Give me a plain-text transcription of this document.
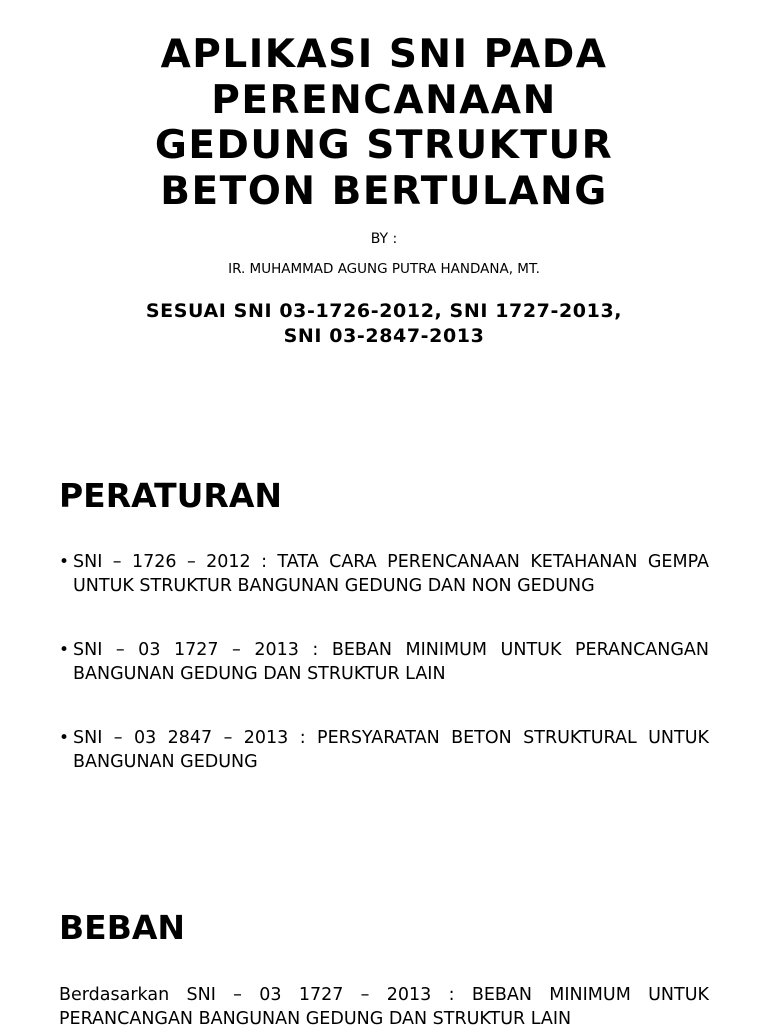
APLIKASI SNI PADA
PERENCANAAN
GEDUNG STRUKTUR
BETON BERTULANG
BY :
IR. MUHAMMAD AGUNG PUTRA HANDANA, MT.
SESUAI SNI 03-1726-2012, SNI 1727-2013,
SNI 03-2847-2013
PERATURAN
• SNI – 1726 – 2012 : TATA CARA PERENCANAAN KETAHANAN GEMPA UNTUK STRUKTUR BANGUNAN GEDUNG DAN NON GEDUNG
• SNI – 03 1727 – 2013 : BEBAN MINIMUM UNTUK PERANCANGAN BANGUNAN GEDUNG DAN STRUKTUR LAIN
• SNI – 03 2847 – 2013 : PERSYARATAN BETON STRUKTURAL UNTUK BANGUNAN GEDUNG
BEBAN

Berdasarkan SNI – 03 1727 – 2013 : BEBAN MINIMUM UNTUK PERANCANGAN BANGUNAN GEDUNG DAN STRUKTUR LAIN
